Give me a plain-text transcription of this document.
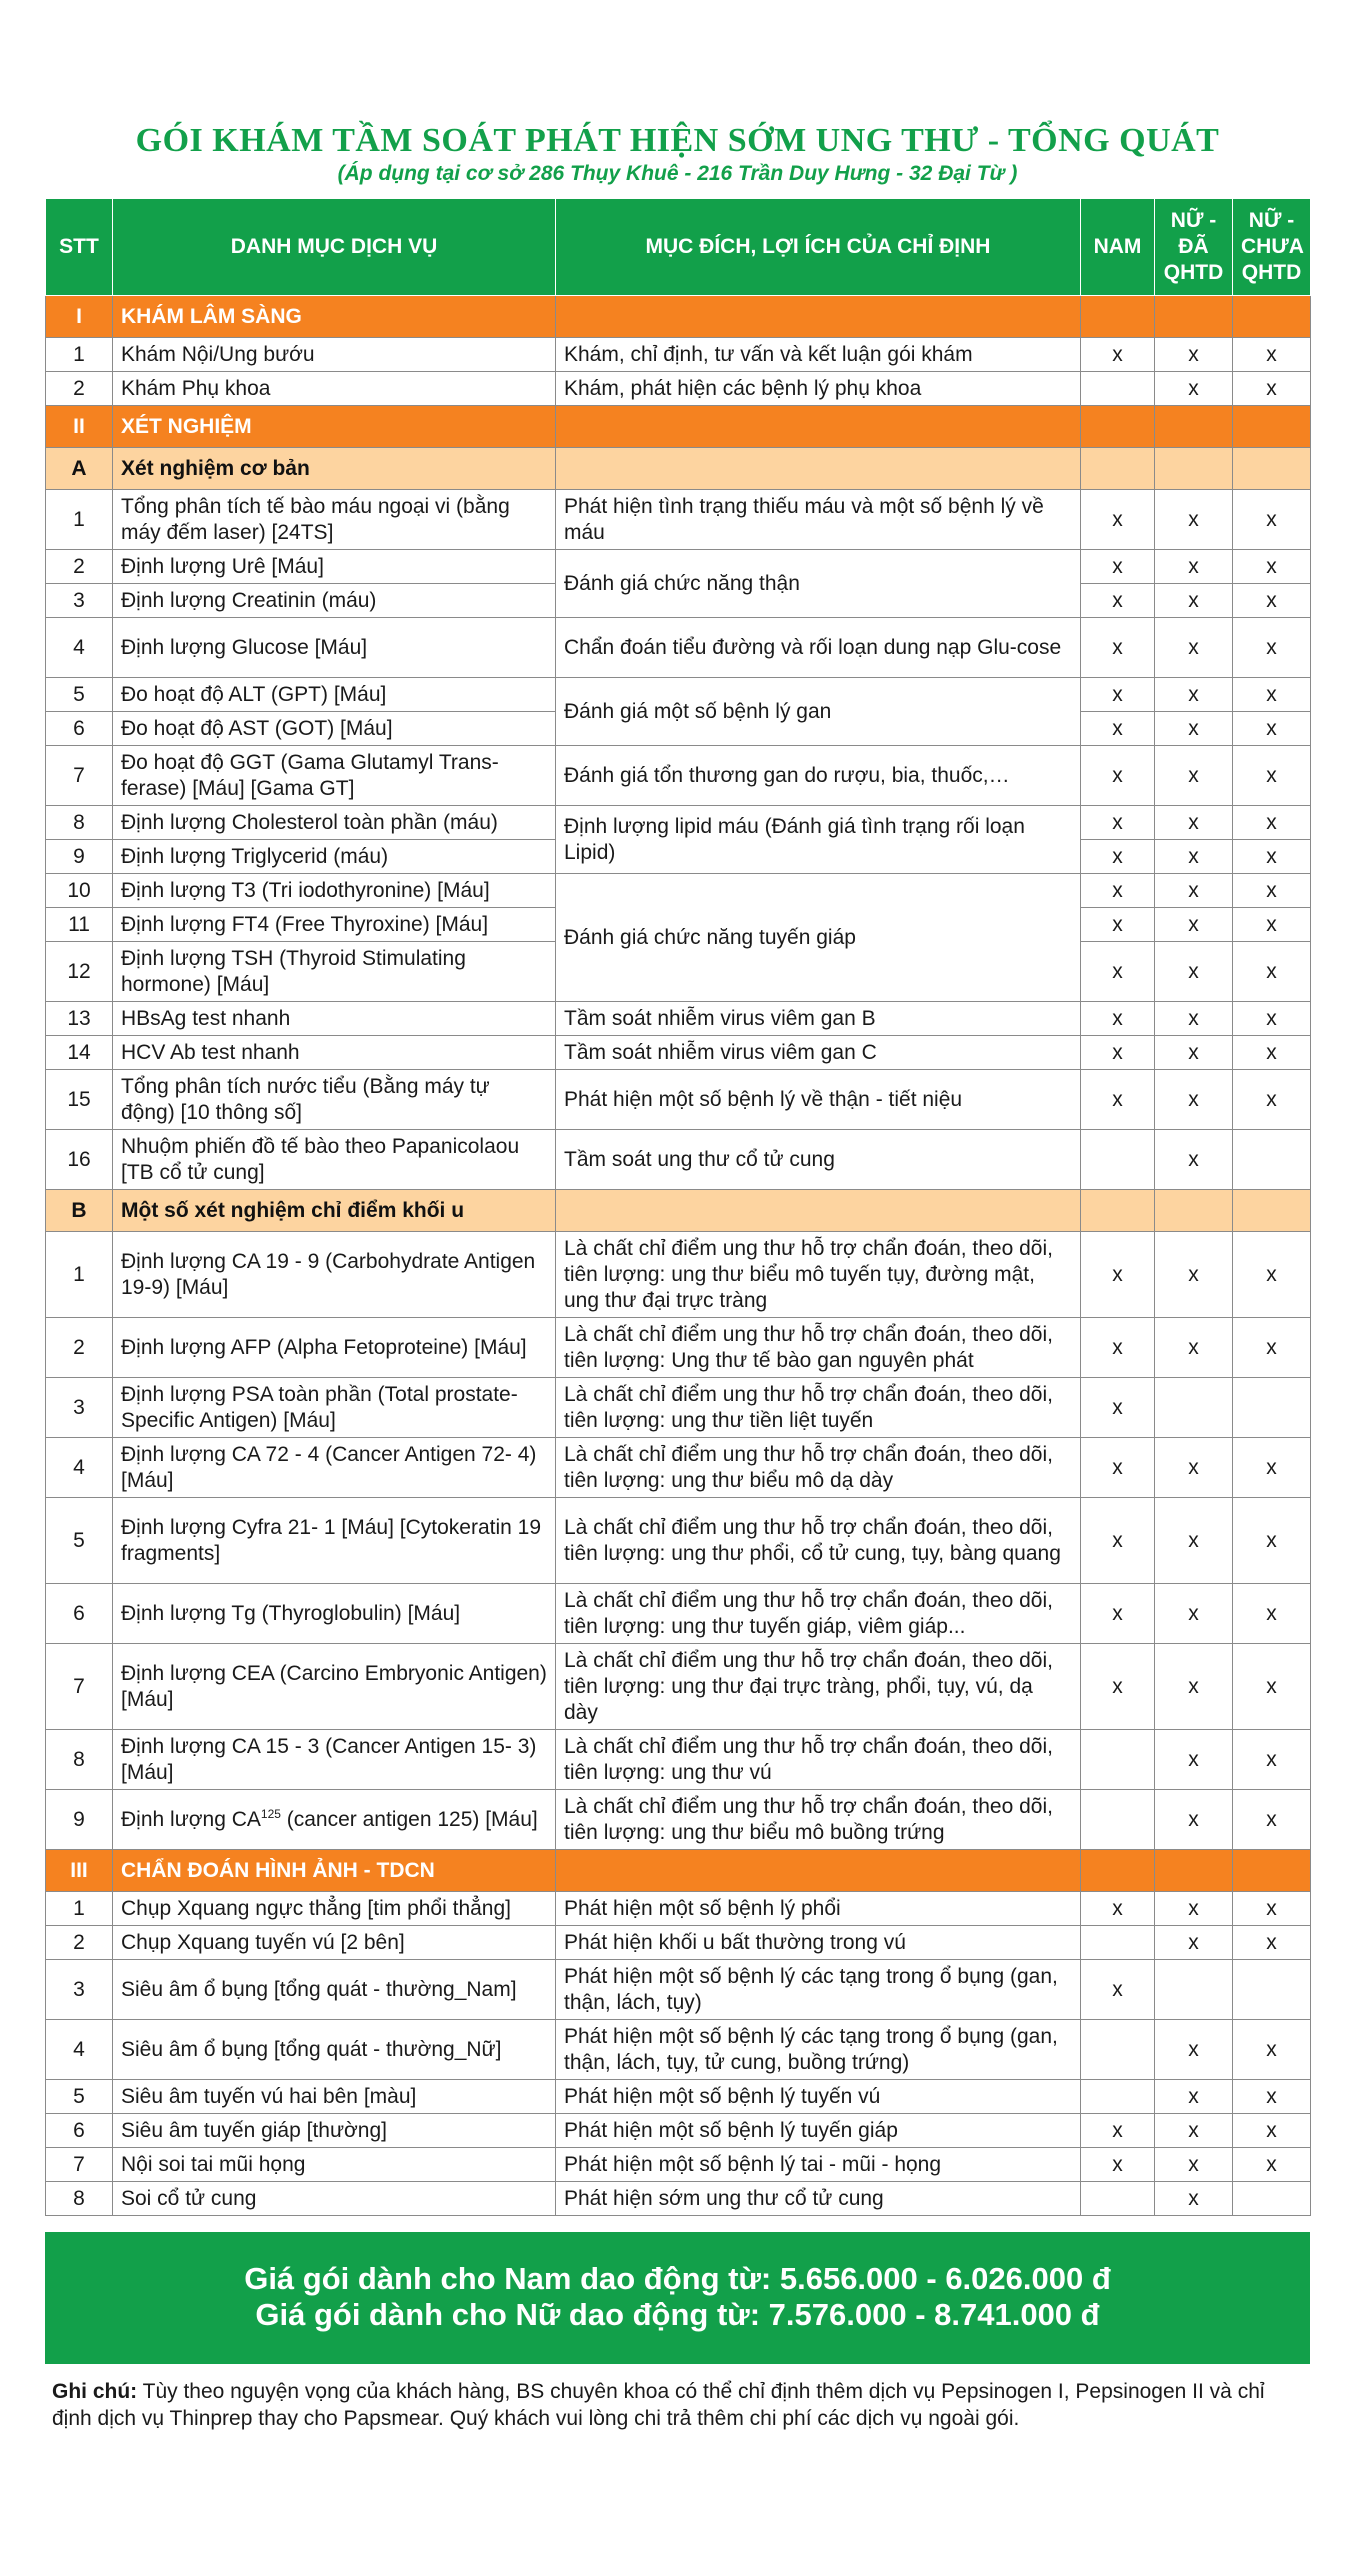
GÓI KHÁM TẦM SOÁT PHÁT HIỆN SỚM UNG THƯ - TỔNG QUÁT
(Áp dụng tại cơ sở 286 Thụy Khuê - 216 Trần Duy Hưng - 32 Đại Từ )
STT	DANH MỤC DỊCH VỤ	MỤC ĐÍCH, LỢI ÍCH CỦA CHỈ ĐỊNH	NAM	NỮ - ĐÃ QHTD	NỮ - CHƯA QHTD
I	KHÁM LÂM SÀNG				
1	Khám Nội/Ung bướu	Khám, chỉ định, tư vấn và kết luận gói khám	x	x	x
2	Khám Phụ khoa	Khám, phát hiện các bệnh lý phụ khoa		x	x
II	XÉT NGHIỆM				
A	Xét nghiệm cơ bản				
1	Tổng phân tích tế bào máu ngoại vi (bằng máy đếm laser) [24TS]	Phát hiện tình trạng thiếu máu và một số bệnh lý về máu	x	x	x
2	Định lượng Urê [Máu]	Đánh giá chức năng thận	x	x	x
3	Định lượng Creatinin (máu)		x	x	x
4	Định lượng Glucose [Máu]	Chẩn đoán tiểu đường và rối loạn dung nạp Glu-cose	x	x	x
5	Đo hoạt độ ALT (GPT) [Máu]	Đánh giá một số bệnh lý gan	x	x	x
6	Đo hoạt độ AST (GOT) [Máu]		x	x	x
7	Đo hoạt độ GGT (Gama Glutamyl Trans-ferase) [Máu] [Gama GT]	Đánh giá tổn thương gan do rượu, bia, thuốc,…	x	x	x
8	Định lượng Cholesterol toàn phần (máu)	Định lượng lipid máu (Đánh giá tình trạng rối loạn Lipid)	x	x	x
9	Định lượng Triglycerid (máu)		x	x	x
10	Định lượng T3 (Tri iodothyronine) [Máu]	Đánh giá chức năng tuyến giáp	x	x	x
11	Định lượng FT4 (Free Thyroxine) [Máu]		x	x	x
12	Định lượng TSH (Thyroid Stimulating hormone) [Máu]		x	x	x
13	HBsAg test nhanh	Tầm soát nhiễm virus viêm gan B	x	x	x
14	HCV Ab test nhanh	Tầm soát nhiễm virus viêm gan C	x	x	x
15	Tổng phân tích nước tiểu (Bằng máy tự động) [10 thông số]	Phát hiện một số bệnh lý về thận - tiết niệu	x	x	x
16	Nhuộm phiến đồ tế bào theo Papanicolaou [TB cổ tử cung]	Tầm soát ung thư cổ tử cung		x	
B	Một số xét nghiệm chỉ điểm khối u				
1	Định lượng CA 19 - 9 (Carbohydrate Antigen 19-9) [Máu]	Là chất chỉ điểm ung thư hỗ trợ chẩn đoán, theo dõi, tiên lượng: ung thư biểu mô tuyến tụy, đường mật, ung thư đại trực tràng	x	x	x
2	Định lượng AFP (Alpha Fetoproteine) [Máu]	Là chất chỉ điểm ung thư hỗ trợ chẩn đoán, theo dõi, tiên lượng: Ung thư tế bào gan nguyên phát	x	x	x
3	Định lượng PSA toàn phần (Total prostate-Specific Antigen) [Máu]	Là chất chỉ điểm ung thư hỗ trợ chẩn đoán, theo dõi, tiên lượng: ung thư tiền liệt tuyến	x		
4	Định lượng CA 72 - 4 (Cancer Antigen 72- 4) [Máu]	Là chất chỉ điểm ung thư hỗ trợ chẩn đoán, theo dõi, tiên lượng: ung thư biểu mô dạ dày	x	x	x
5	Định lượng Cyfra 21- 1 [Máu] [Cytokeratin 19 fragments]	Là chất chỉ điểm ung thư hỗ trợ chẩn đoán, theo dõi, tiên lượng: ung thư phổi, cổ tử cung, tụy, bàng quang	x	x	x
6	Định lượng Tg (Thyroglobulin) [Máu]	Là chất chỉ điểm ung thư hỗ trợ chẩn đoán, theo dõi, tiên lượng: ung thư tuyến giáp, viêm giáp...	x	x	x
7	Định lượng CEA (Carcino Embryonic Antigen) [Máu]	Là chất chỉ điểm ung thư hỗ trợ chẩn đoán, theo dõi, tiên lượng: ung thư đại trực tràng, phổi, tụy, vú, dạ dày	x	x	x
8	Định lượng CA 15 - 3 (Cancer Antigen 15- 3) [Máu]	Là chất chỉ điểm ung thư hỗ trợ chẩn đoán, theo dõi, tiên lượng: ung thư vú		x	x
9	Định lượng CA$^{125}$ (cancer antigen 125) [Máu]	Là chất chỉ điểm ung thư hỗ trợ chẩn đoán, theo dõi, tiên lượng: ung thư biểu mô buồng trứng		x	x
III	CHẨN ĐOÁN HÌNH ẢNH - TDCN				
1	Chụp Xquang ngực thẳng [tim phổi thẳng]	Phát hiện một số bệnh lý phổi	x	x	x
2	Chụp Xquang tuyến vú [2 bên]	Phát hiện khối u bất thường trong vú		x	x
3	Siêu âm ổ bụng [tổng quát - thường_Nam]	Phát hiện một số bệnh lý các tạng trong ổ bụng (gan, thận, lách, tụy)	x		
4	Siêu âm ổ bụng [tổng quát - thường_Nữ]	Phát hiện một số bệnh lý các tạng trong ổ bụng (gan, thận, lách, tụy, tử cung, buồng trứng)		x	x
5	Siêu âm tuyến vú hai bên [màu]	Phát hiện một số bệnh lý tuyến vú		x	x
6	Siêu âm tuyến giáp [thường]	Phát hiện một số bệnh lý tuyến giáp	x	x	x
7	Nội soi tai mũi họng	Phát hiện một số bệnh lý tai - mũi - họng	x	x	x
8	Soi cổ tử cung	Phát hiện sớm ung thư cổ tử cung		x	
Giá gói dành cho Nam dao động từ: 5.656.000 - 6.026.000 đ
Giá gói dành cho Nữ dao động từ: 7.576.000 - 8.741.000 đ
Ghi chú: Tùy theo nguyện vọng của khách hàng, BS chuyên khoa có thể chỉ định thêm dịch vụ Pepsinogen I, Pepsinogen II và chỉ định dịch vụ Thinprep thay cho Papsmear. Quý khách vui lòng chi trả thêm chi phí các dịch vụ ngoài gói.
